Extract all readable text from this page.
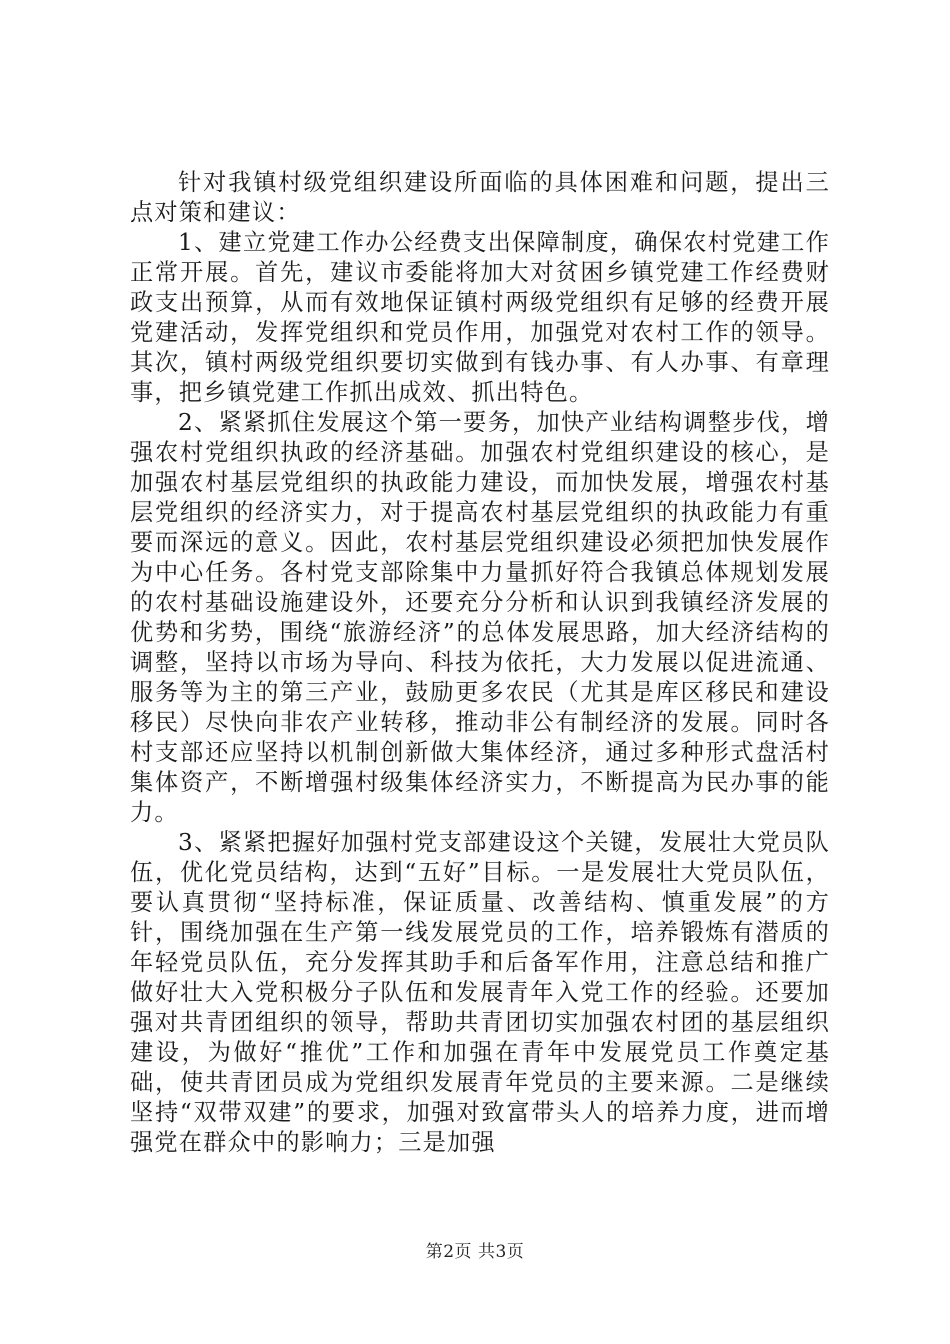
针对我镇村级党组织建设所面临的具体困难和问题，提出三点对策和建议：

1、建立党建工作办公经费支出保障制度，确保农村党建工作正常开展。首先，建议市委能将加大对贫困乡镇党建工作经费财政支出预算，从而有效地保证镇村两级党组织有足够的经费开展党建活动，发挥党组织和党员作用，加强党对农村工作的领导。其次，镇村两级党组织要切实做到有钱办事、有人办事、有章理事，把乡镇党建工作抓出成效、抓出特色。

2、紧紧抓住发展这个第一要务，加快产业结构调整步伐，增强农村党组织执政的经济基础。加强农村党组织建设的核心，是加强农村基层党组织的执政能力建设，而加快发展，增强农村基层党组织的经济实力，对于提高农村基层党组织的执政能力有重要而深远的意义。因此，农村基层党组织建设必须把加快发展作为中心任务。各村党支部除集中力量抓好符合我镇总体规划发展的农村基础设施建设外，还要充分分析和认识到我镇经济发展的优势和劣势，围绕“旅游经济”的总体发展思路，加大经济结构的调整，坚持以市场为导向、科技为依托，大力发展以促进流通、服务等为主的第三产业，鼓励更多农民（尤其是库区移民和建设移民）尽快向非农产业转移，推动非公有制经济的发展。同时各村支部还应坚持以机制创新做大集体经济，通过多种形式盘活村集体资产，不断增强村级集体经济实力，不断提高为民办事的能力。

3、紧紧把握好加强村党支部建设这个关键，发展壮大党员队伍，优化党员结构，达到“五好”目标。一是发展壮大党员队伍，要认真贯彻“坚持标准，保证质量、改善结构、慎重发展”的方针，围绕加强在生产第一线发展党员的工作，培养锻炼有潜质的年轻党员队伍，充分发挥其助手和后备军作用，注意总结和推广做好壮大入党积极分子队伍和发展青年入党工作的经验。还要加强对共青团组织的领导，帮助共青团切实加强农村团的基层组织建设，为做好“推优”工作和加强在青年中发展党员工作奠定基础，使共青团员成为党组织发展青年党员的主要来源。二是继续坚持“双带双建”的要求，加强对致富带头人的培养力度，进而增强党在群众中的影响力；三是加强

第2页 共3页
